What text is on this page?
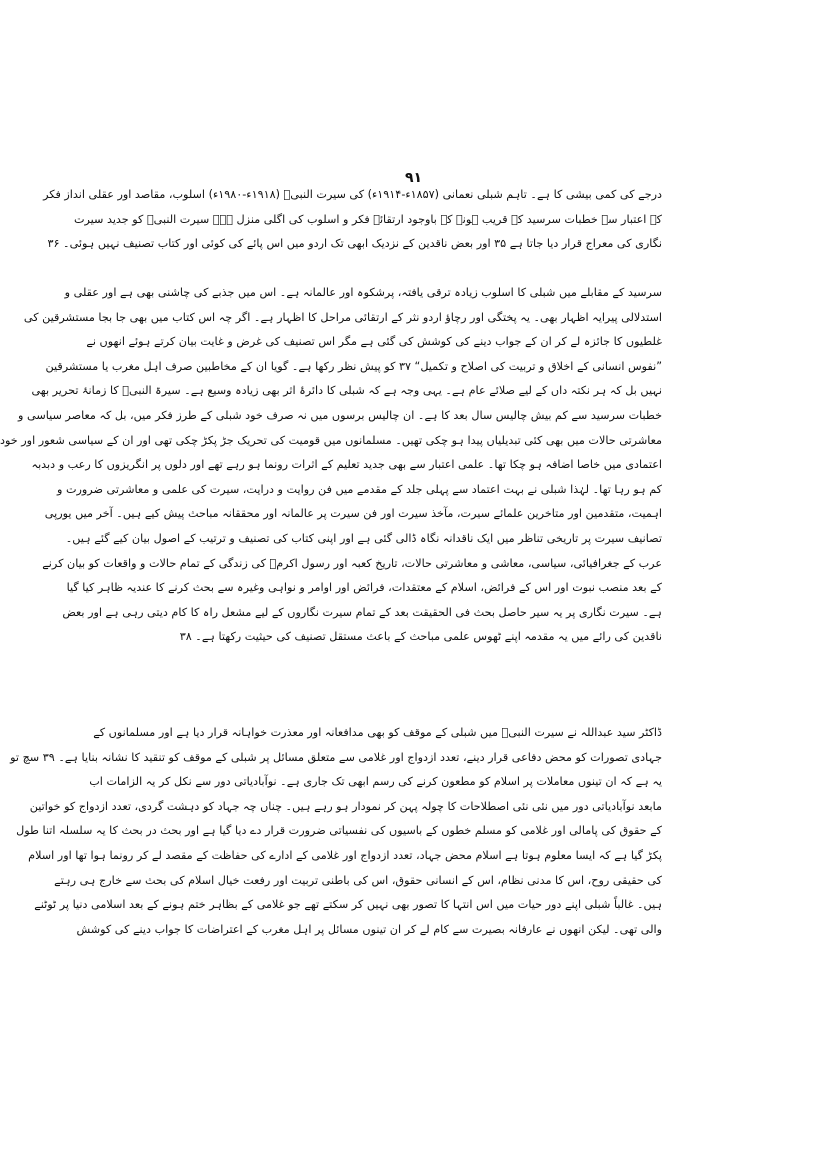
۹۱

درجے کی کمی بیشی کا ہے۔ تاہم شبلی نعمانی (۱۸۵۷ء-۱۹۱۴ء) کی سیرت النبیؐ (۱۹۱۸ء-۱۹۸۰ء) اسلوب، مقاصد اور عقلی انداز فکر
کے اعتبار سے خطبات سرسید کے قریب ہونے کے باوجود ارتقائے فکر و اسلوب کی اگلی منزل ہے۔ سیرت النبیؐ کو جدید سیرت
نگاری کی معراج قرار دیا جاتا ہے ۳۵ اور بعض ناقدین کے نزدیک ابھی تک اردو میں اس پائے کی کوئی اور کتاب تصنیف نہیں ہوئی۔ ۳۶

سرسید کے مقابلے میں شبلی کا اسلوب زیادہ ترقی یافتہ، پرشکوہ اور عالمانہ ہے۔ اس میں جذبے کی چاشنی بھی ہے اور عقلی و
استدلالی پیرایہ اظہار بھی۔ یہ پختگی اور رچاؤ اردو نثر کے ارتقائی مراحل کا اظہار ہے۔ اگر چہ اس کتاب میں بھی جا بجا مستشرقین کی
غلطیوں کا جائزہ لے کر ان کے جواب دینے کی کوشش کی گئی ہے مگر اس تصنیف کی غرض و غایت بیان کرتے ہوئے انھوں نے
”نفوس انسانی کے اخلاق و تربیت کی اصلاح و تکمیل“ ۳۷ کو پیش نظر رکھا ہے۔ گویا ان کے مخاطبین صرف اہل مغرب یا مستشرقین
نہیں بل کہ ہر نکتہ داں کے لیے صلائے عام ہے۔ یہی وجہ ہے کہ شبلی کا دائرۂ اثر بھی زیادہ وسیع ہے۔ سیرۃ النبیؐ کا زمانۂ تحریر بھی
خطبات سرسید سے کم بیش چالیس سال بعد کا ہے۔ ان چالیس برسوں میں نہ صرف خود شبلی کے طرز فکر میں، بل کہ معاصر سیاسی و
معاشرتی حالات میں بھی کئی تبدیلیاں پیدا ہو چکی تھیں۔ مسلمانوں میں قومیت کی تحریک جڑ پکڑ چکی تھی اور ان کے سیاسی شعور اور خود
اعتمادی میں خاصا اضافہ ہو چکا تھا۔ علمی اعتبار سے بھی جدید تعلیم کے اثرات رونما ہو رہے تھے اور دلوں پر انگریزوں کا رعب و دبدبہ
کم ہو رہا تھا۔ لہٰذا شبلی نے بہت اعتماد سے پہلی جلد کے مقدمے میں فن روایت و درایت، سیرت کی علمی و معاشرتی ضرورت و
اہمیت، متقدمین اور متاخرین علمائے سیرت، مآخذ سیرت اور فن سیرت پر عالمانہ اور محققانہ مباحث پیش کیے ہیں۔ آخر میں یورپی
تصانیف سیرت پر تاریخی تناظر میں ایک ناقدانہ نگاہ ڈالی گئی ہے اور اپنی کتاب کی تصنیف و ترتیب کے اصول بیان کیے گئے ہیں۔
عرب کے جغرافیائی، سیاسی، معاشی و معاشرتی حالات، تاریخ کعبہ اور رسول اکرمؐ کی زندگی کے تمام حالات و واقعات کو بیان کرنے
کے بعد منصب نبوت اور اس کے فرائض، اسلام کے معتقدات، فرائض اور اوامر و نواہی وغیرہ سے بحث کرنے کا عندیہ ظاہر کیا گیا
ہے۔ سیرت نگاری پر یہ سیر حاصل بحث فی الحقیقت بعد کے تمام سیرت نگاروں کے لیے مشعل راہ کا کام دیتی رہی ہے اور بعض
ناقدین کی رائے میں یہ مقدمہ اپنے ٹھوس علمی مباحث کے باعث مستقل تصنیف کی حیثیت رکھتا ہے۔ ۳۸

ڈاکٹر سید عبداللہ نے سیرت النبیؐ میں شبلی کے موقف کو بھی مدافعانہ اور معذرت خواہانہ قرار دیا ہے اور مسلمانوں کے
جہادی تصورات کو محض دفاعی قرار دینے، تعدد ازدواج اور غلامی سے متعلق مسائل پر شبلی کے موقف کو تنقید کا نشانہ بنایا ہے۔ ۳۹ سچ تو
یہ ہے کہ ان تینوں معاملات پر اسلام کو مطعون کرنے کی رسم ابھی تک جاری ہے۔ نوآبادیاتی دور سے نکل کر یہ الزامات اب
مابعد نوآبادیاتی دور میں نئی نئی اصطلاحات کا چولہ پہن کر نمودار ہو رہے ہیں۔ چناں چہ جہاد کو دہشت گردی، تعدد ازدواج کو خواتین
کے حقوق کی پامالی اور غلامی کو مسلم خطوں کے باسیوں کی نفسیاتی ضرورت قرار دے دیا گیا ہے اور بحث در بحث کا یہ سلسلہ اتنا طول
پکڑ گیا ہے کہ ایسا معلوم ہوتا ہے اسلام محض جہاد، تعدد ازدواج اور غلامی کے ادارے کی حفاظت کے مقصد لے کر رونما ہوا تھا اور اسلام
کی حقیقی روح، اس کا مدنی نظام، اس کے انسانی حقوق، اس کی باطنی تربیت اور رفعت خیال اسلام کی بحث سے خارج ہی رہتے
ہیں۔ غالباً شبلی اپنے دور حیات میں اس انتہا کا تصور بھی نہیں کر سکتے تھے جو غلامی کے بظاہر ختم ہونے کے بعد اسلامی دنیا پر ٹوٹنے
والی تھی۔ لیکن انھوں نے عارفانہ بصیرت سے کام لے کر ان تینوں مسائل پر اہل مغرب کے اعتراضات کا جواب دینے کی کوشش
